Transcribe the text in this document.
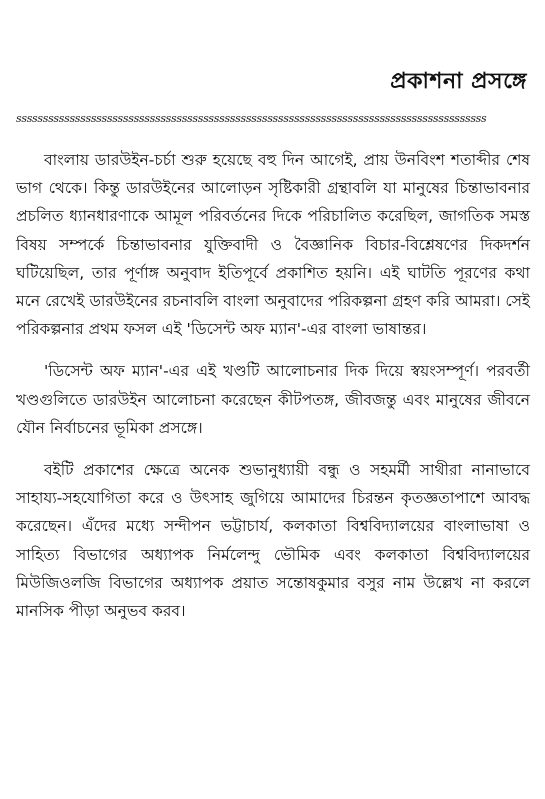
প্রকাশনা প্রসঙ্গে
ssssssssssssssssssssssssssssssssssssssssssssssssssssssssssssssssssssssssssssssssssssssss

বাংলায় ডারউইন-চর্চা শুরু হয়েছে বহু দিন আগেই, প্রায় উনবিংশ শতাব্দীর শেষ ভাগ থেকে। কিন্তু ডারউইনের আলোড়ন সৃষ্টিকারী গ্রন্থাবলি যা মানুষের চিন্তাভাবনার প্রচলিত ধ্যানধারণাকে আমূল পরিবর্তনের দিকে পরিচালিত করেছিল, জাগতিক সমস্ত বিষয় সম্পর্কে চিন্তাভাবনার যুক্তিবাদী ও বৈজ্ঞানিক বিচার-বিশ্লেষণের দিকদর্শন ঘটিয়েছিল, তার পূর্ণাঙ্গ অনুবাদ ইতিপূর্বে প্রকাশিত হয়নি। এই ঘাটতি পূরণের কথা মনে রেখেই ডারউইনের রচনাবলি বাংলা অনুবাদের পরিকল্পনা গ্রহণ করি আমরা। সেই পরিকল্পনার প্রথম ফসল এই 'ডিসেন্ট অফ ম্যান'-এর বাংলা ভাষান্তর।

'ডিসেন্ট অফ ম্যান'-এর এই খণ্ডটি আলোচনার দিক দিয়ে স্বয়ংসম্পূর্ণ। পরবর্তী খণ্ডগুলিতে ডারউইন আলোচনা করেছেন কীটপতঙ্গ, জীবজন্তু এবং মানুষের জীবনে যৌন নির্বাচনের ভূমিকা প্রসঙ্গে।

বইটি প্রকাশের ক্ষেত্রে অনেক শুভানুধ্যায়ী বন্ধু ও সহমর্মী সাথীরা নানাভাবে সাহায্য-সহযোগিতা করে ও উৎসাহ জুগিয়ে আমাদের চিরন্তন কৃতজ্ঞতাপাশে আবদ্ধ করেছেন। এঁদের মধ্যে সন্দীপন ভট্টাচার্য, কলকাতা বিশ্ববিদ্যালয়ের বাংলাভাষা ও সাহিত্য বিভাগের অধ্যাপক নির্মলেন্দু ভৌমিক এবং কলকাতা বিশ্ববিদ্যালয়ের মিউজিওলজি বিভাগের অধ্যাপক প্রয়াত সন্তোষকুমার বসুর নাম উল্লেখ না করলে মানসিক পীড়া অনুভব করব।
